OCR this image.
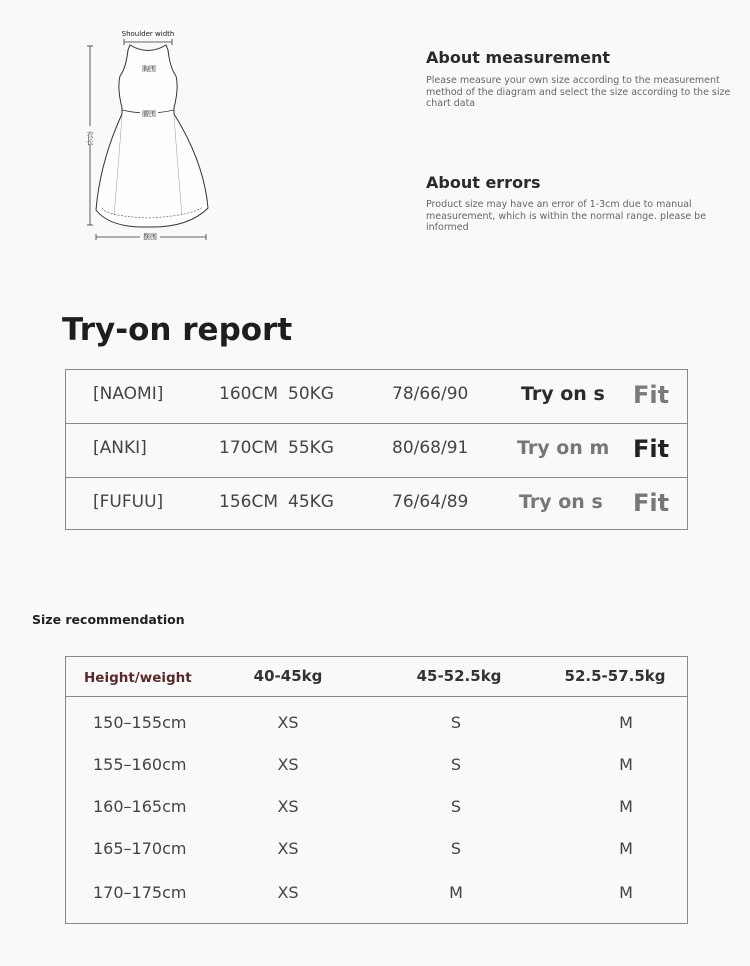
Shoulder width
衣长
胸围
腰围
摆围
About measurement
Please measure your own size according to the measurement method of the diagram and select the size according to the size chart data
About errors
Product size may have an error of 1-3cm due to manual measurement, which is within the normal range. please be informed
Try-on report
[NAOMI]	160CM 50KG	78/66/90	Try on s Fit
[ANKI]	170CM 55KG	80/68/91	Try on m Fit
[FUFUU]	156CM 45KG	76/64/89	Try on s Fit
Size recommendation
Height/weight	40-45kg	45-52.5kg	52.5-57.5kg
150–155cm	XS	S	M
155–160cm	XS	S	M
160–165cm	XS	S	M
165–170cm	XS	S	M
170–175cm	XS	M	M
